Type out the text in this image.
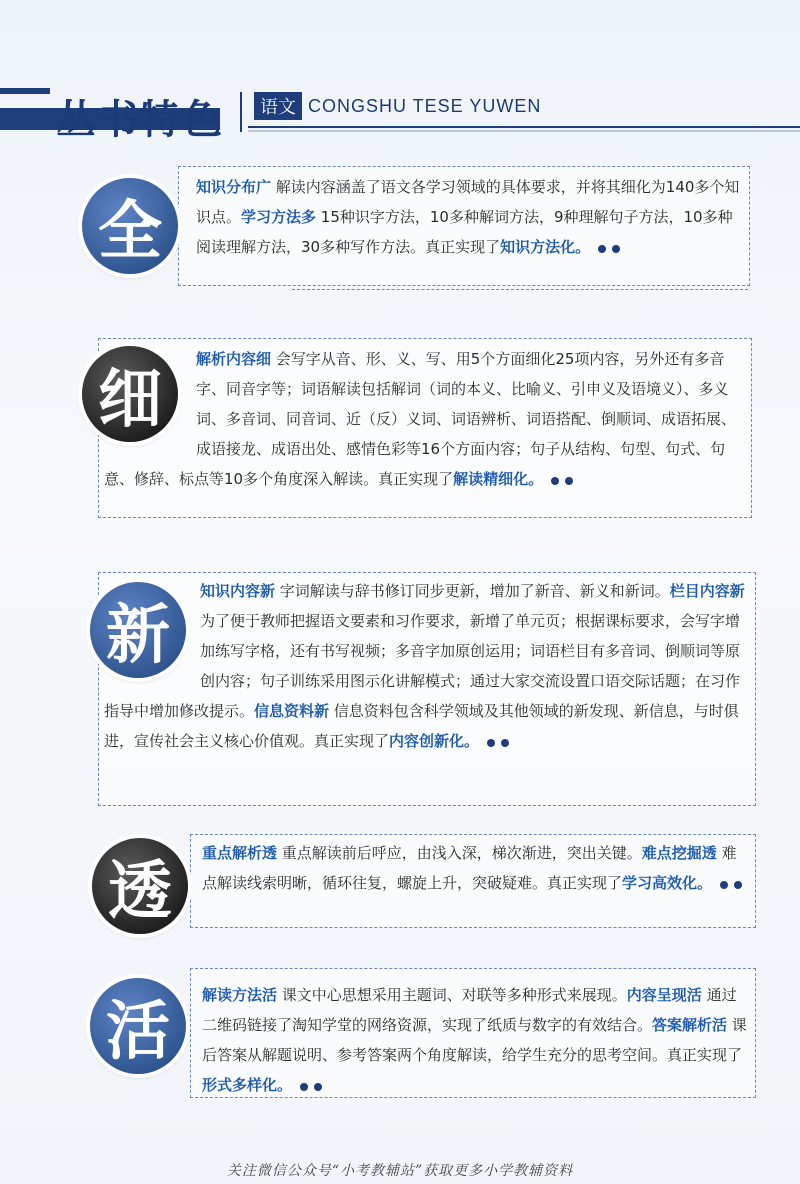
丛书特色	语文 CONGSHU TESE YUWEN
全
知识分布广 解读内容涵盖了语文各学习领域的具体要求，并将其细化为140多个知识点。学习方法多 15种识字方法，10多种解词方法，9种理解句子方法，10多种阅读理解方法，30多种写作方法。真正实现了知识方法化。
细
解析内容细 会写字从音、形、义、写、用5个方面细化25项内容，另外还有多音字、同音字等；词语解读包括解词（词的本义、比喻义、引申义及语境义）、多义词、多音词、同音词、近（反）义词、词语辨析、词语搭配、倒顺词、成语拓展、成语接龙、成语出处、感情色彩等16个方面内容；句子从结构、句型、句式、句意、修辞、标点等10多个角度深入解读。真正实现了解读精细化。
新
知识内容新 字词解读与辞书修订同步更新，增加了新音、新义和新词。栏目内容新 为了便于教师把握语文要素和习作要求，新增了单元页；根据课标要求，会写字增加练写字格，还有书写视频；多音字加原创运用；词语栏目有多音词、倒顺词等原创内容；句子训练采用图示化讲解模式；通过大家交流设置口语交际话题；在习作指导中增加修改提示。信息资料新 信息资料包含科学领域及其他领域的新发现、新信息，与时俱进，宣传社会主义核心价值观。真正实现了内容创新化。
透
重点解析透 重点解读前后呼应，由浅入深，梯次渐进，突出关键。难点挖掘透 难点解读线索明晰，循环往复，螺旋上升，突破疑难。真正实现了学习高效化。
活	解读方法活 课文中心思想采用主题词、对联等多种形式来展现。内容呈现活 通过二维码链接了淘知学堂的网络资源，实现了纸质与数字的有效结合。答案解析活 课后答案从解题说明、参考答案两个角度解读，给学生充分的思考空间。真正实现了形式多样化。
关注微信公众号“小考教辅站”获取更多小学教辅资料
